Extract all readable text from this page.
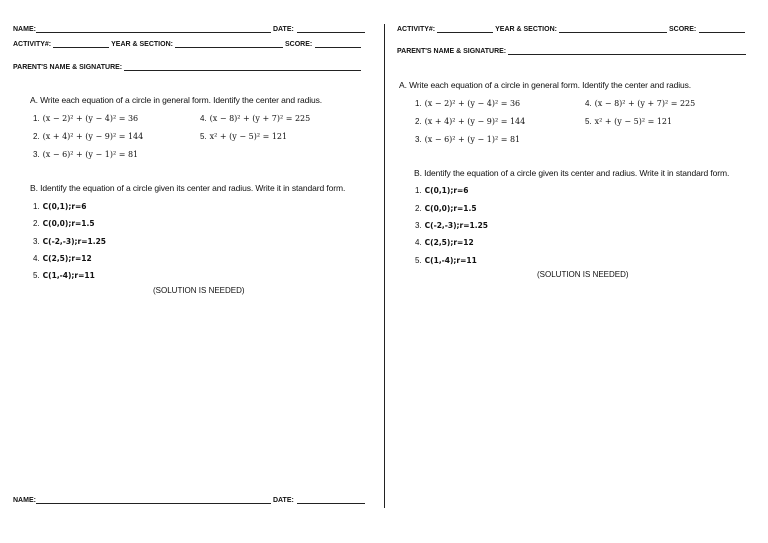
NAME:	DATE:
ACTIVITY#:	YEAR & SECTION:	SCORE:
PARENT'S NAME & SIGNATURE:
A. Write each equation of a circle in general form. Identify the center and radius.
1. (x − 2)² + (y − 4)² = 36
2. (x + 4)² + (y − 9)² = 144
3. (x − 6)² + (y − 1)² = 81
4. (x − 8)² + (y + 7)² = 225
5. x² + (y − 5)² = 121
B. Identify the equation of a circle given its center and radius. Write it in standard form.
1. C(0,1);r=6
2. C(0,0);r=1.5
3. C(-2,-3);r=1.25
4. C(2,5);r=12
5. C(1,-4);r=11
(SOLUTION IS NEEDED)
NAME:	DATE:
ACTIVITY#:	YEAR & SECTION:	SCORE:
PARENT'S NAME & SIGNATURE:
A. Write each equation of a circle in general form. Identify the center and radius.
1. (x − 2)² + (y − 4)² = 36
2. (x + 4)² + (y − 9)² = 144
3. (x − 6)² + (y − 1)² = 81
4. (x − 8)² + (y + 7)² = 225
5. x² + (y − 5)² = 121
B. Identify the equation of a circle given its center and radius. Write it in standard form.
1. C(0,1);r=6
2. C(0,0);r=1.5
3. C(-2,-3);r=1.25
4. C(2,5);r=12
5. C(1,-4);r=11
(SOLUTION IS NEEDED)
